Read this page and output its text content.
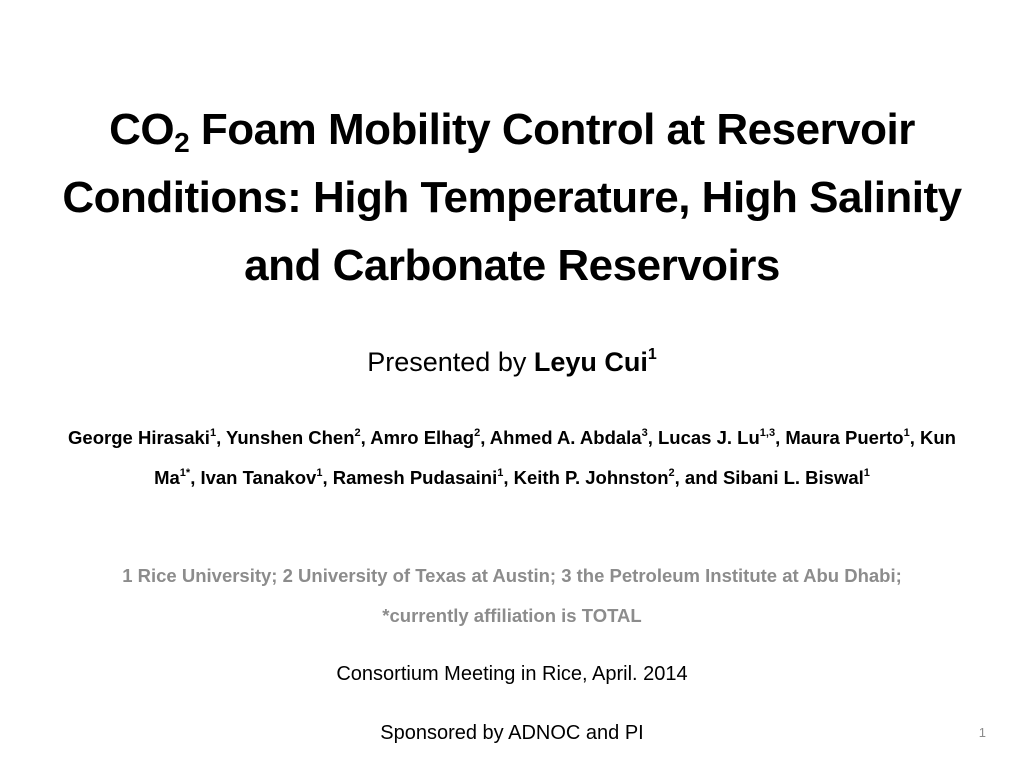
$CO_2$ Foam Mobility Control at Reservoir Conditions: High Temperature, High Salinity and Carbonate Reservoirs
Presented by Leyu Cui$^1$
George Hirasaki$^1$, Yunshen Chen$^2$, Amro Elhag$^2$, Ahmed A. Abdala$^3$, Lucas J. Lu$^{1,3}$, Maura Puerto$^1$, Kun $Ma^{1*}$, Ivan Tanakov$^1$, Ramesh Pudasaini$^1$, Keith P. Johnston$^2$, and Sibani L. Biswal$^1$
1 Rice University; 2 University of Texas at Austin; 3 the Petroleum Institute at Abu Dhabi;
*currently affiliation is TOTAL
Consortium Meeting in Rice, April. 2014
Sponsored by ADNOC and PI	1
